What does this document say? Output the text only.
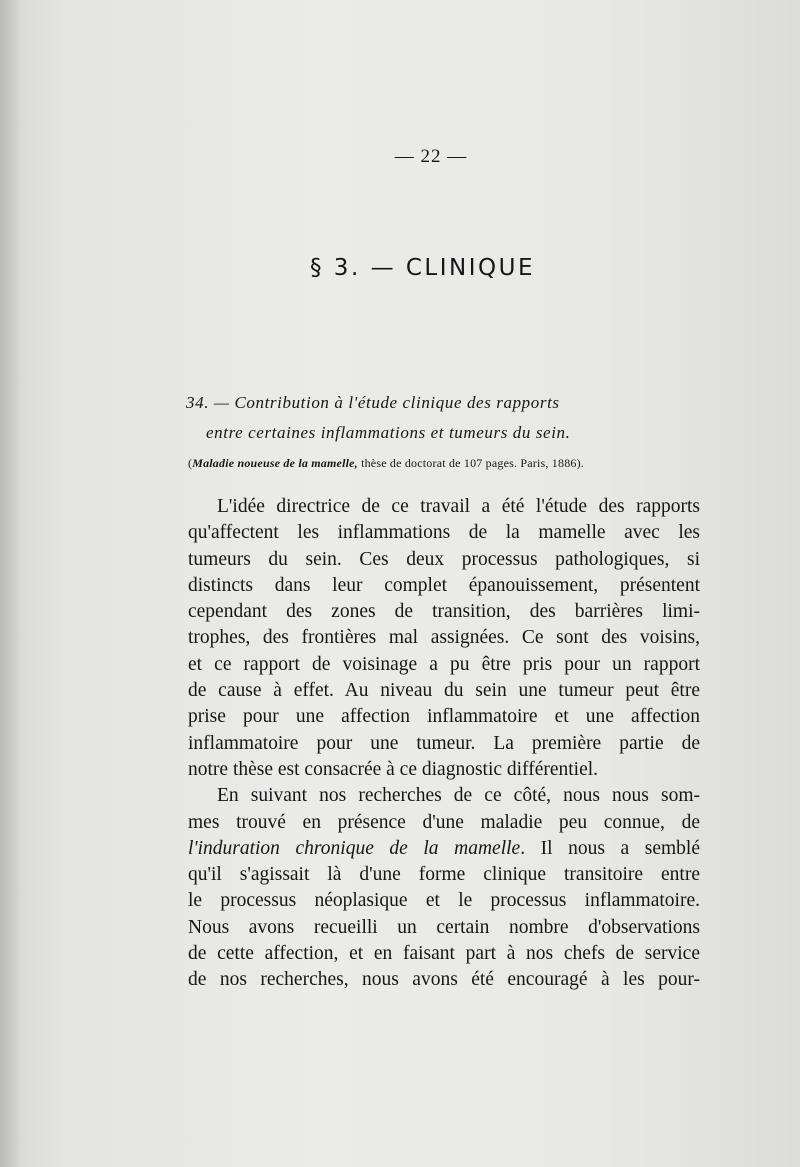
— 22 —
§ 3. — CLINIQUE
34. — Contribution à l'étude clinique des rapports
entre certaines inflammations et tumeurs du sein.
(Maladie noueuse de la mamelle, thèse de doctorat de 107 pages. Paris, 1886).
L'idée directrice de ce travail a été l'étude des rapports
qu'affectent les inflammations de la mamelle avec les
tumeurs du sein. Ces deux processus pathologiques, si
distincts dans leur complet épanouissement, présentent
cependant des zones de transition, des barrières limi-
trophes, des frontières mal assignées. Ce sont des voisins,
et ce rapport de voisinage a pu être pris pour un rapport
de cause à effet. Au niveau du sein une tumeur peut être
prise pour une affection inflammatoire et une affection
inflammatoire pour une tumeur. La première partie de
notre thèse est consacrée à ce diagnostic différentiel.
En suivant nos recherches de ce côté, nous nous som-
mes trouvé en présence d'une maladie peu connue, de
l'induration chronique de la mamelle. Il nous a semblé
qu'il s'agissait là d'une forme clinique transitoire entre
le processus néoplasique et le processus inflammatoire.
Nous avons recueilli un certain nombre d'observations
de cette affection, et en faisant part à nos chefs de service
de nos recherches, nous avons été encouragé à les pour-
